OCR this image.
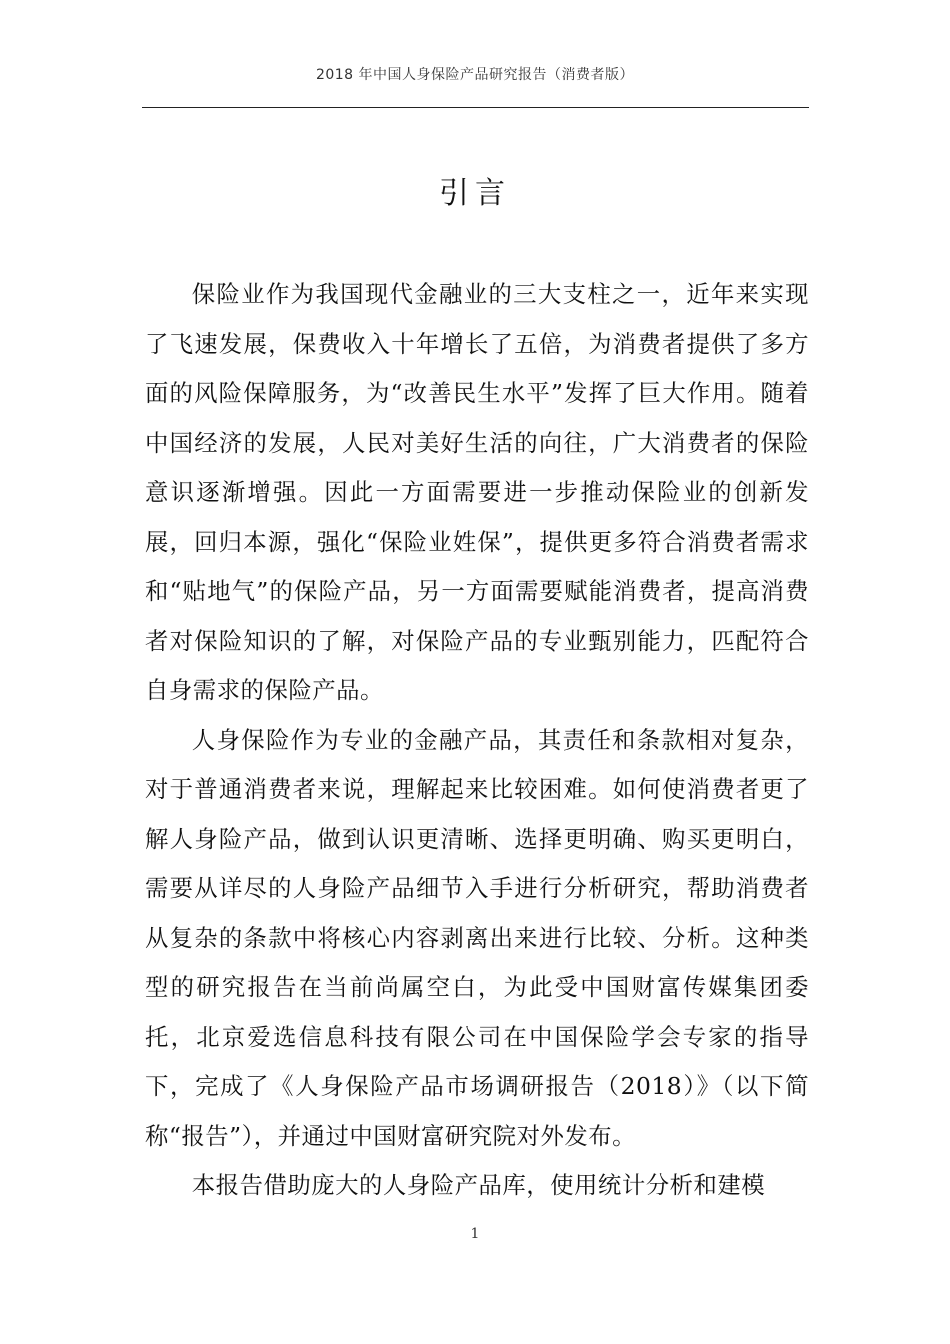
2018 年中国人身保险产品研究报告（消费者版）
引言

保险业作为我国现代金融业的三大支柱之一，近年来实现了飞速发展，保费收入十年增长了五倍，为消费者提供了多方面的风险保障服务，为“改善民生水平”发挥了巨大作用。随着中国经济的发展，人民对美好生活的向往，广大消费者的保险意识逐渐增强。因此一方面需要进一步推动保险业的创新发展，回归本源，强化“保险业姓保”，提供更多符合消费者需求和“贴地气”的保险产品，另一方面需要赋能消费者，提高消费者对保险知识的了解，对保险产品的专业甄别能力，匹配符合自身需求的保险产品。

人身保险作为专业的金融产品，其责任和条款相对复杂，对于普通消费者来说，理解起来比较困难。如何使消费者更了解人身险产品，做到认识更清晰、选择更明确、购买更明白，需要从详尽的人身险产品细节入手进行分析研究，帮助消费者从复杂的条款中将核心内容剥离出来进行比较、分析。这种类型的研究报告在当前尚属空白，为此受中国财富传媒集团委托，北京爱选信息科技有限公司在中国保险学会专家的指导下，完成了《人身保险产品市场调研报告（2018）》（以下简称“报告”），并通过中国财富研究院对外发布。

本报告借助庞大的人身险产品库，使用统计分析和建模

1
